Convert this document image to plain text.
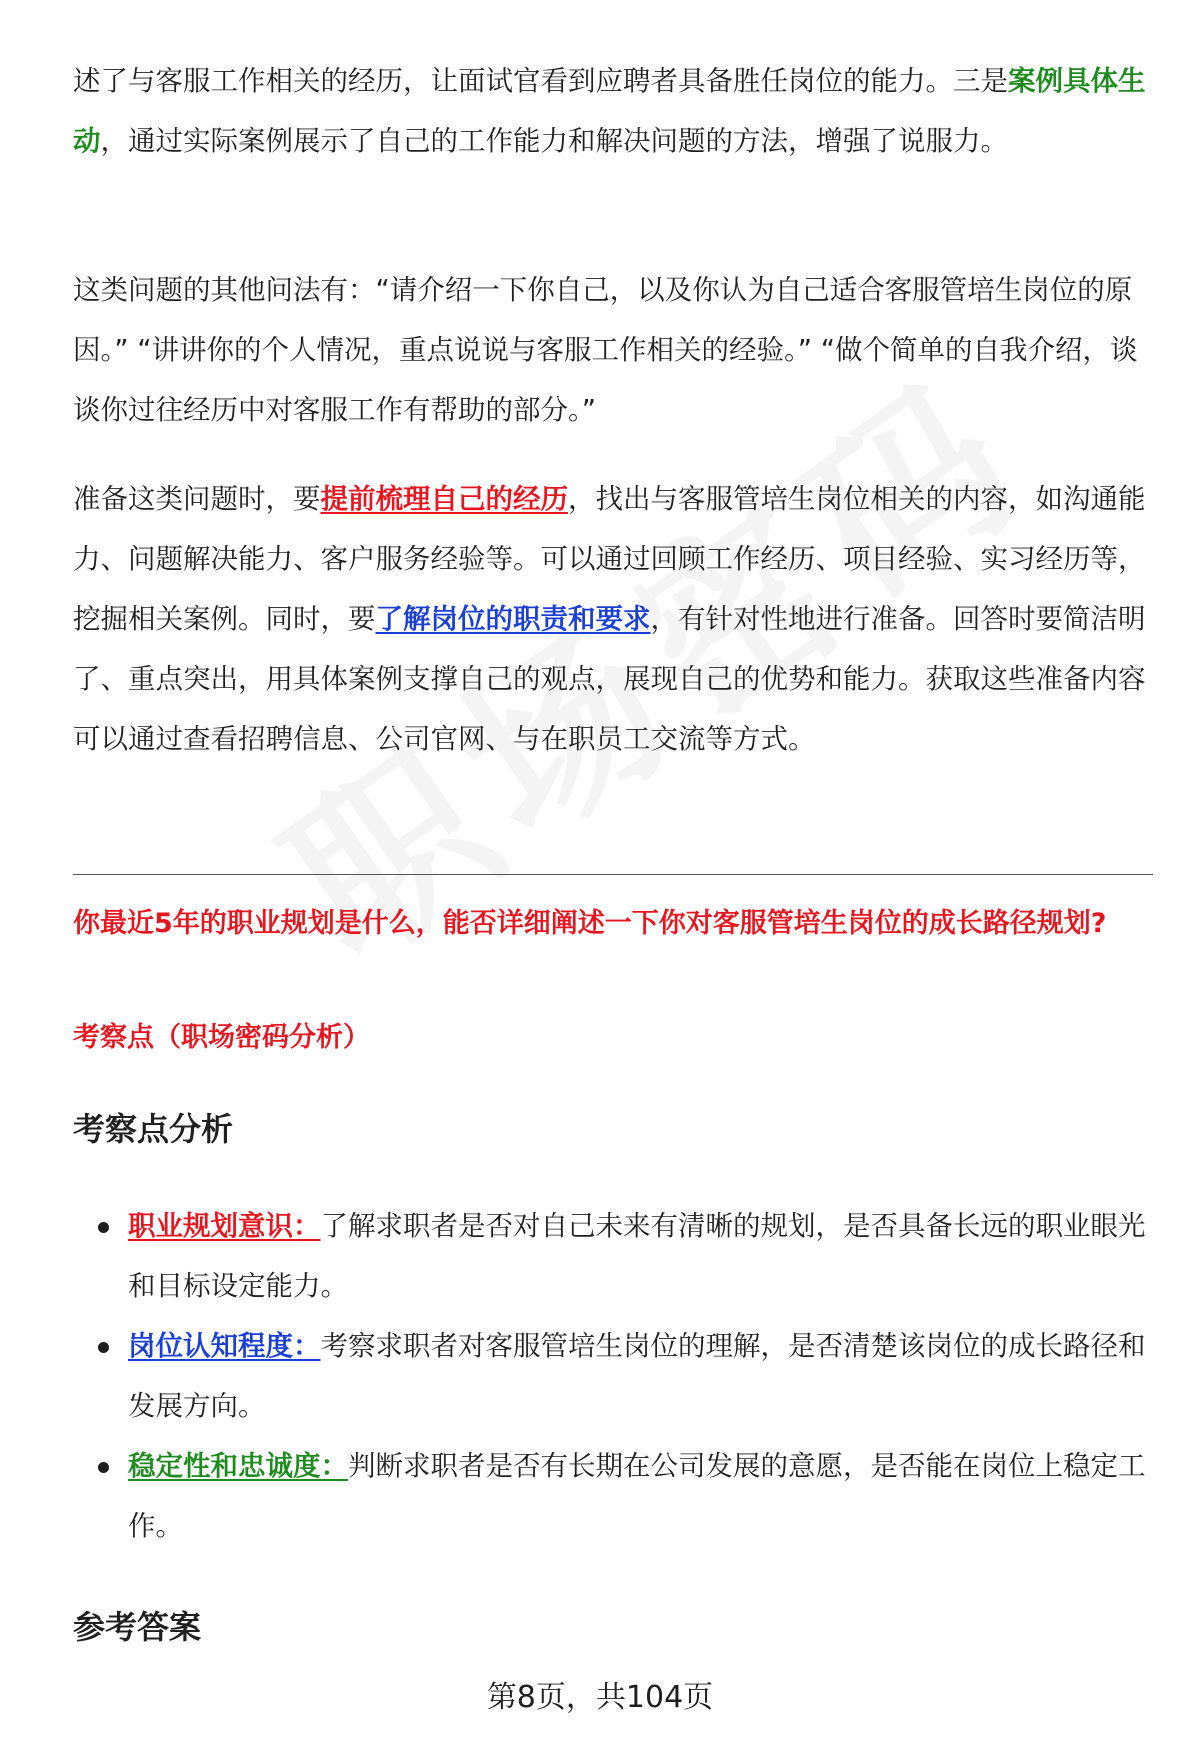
述了与客服工作相关的经历，让面试官看到应聘者具备胜任岗位的能力。三是案例具体生动，通过实际案例展示了自己的工作能力和解决问题的方法，增强了说服力。

这类问题的其他问法有：“请介绍一下你自己，以及你认为自己适合客服管培生岗位的原因。” “讲讲你的个人情况，重点说说与客服工作相关的经验。” “做个简单的自我介绍，谈谈你过往经历中对客服工作有帮助的部分。”

准备这类问题时，要提前梳理自己的经历，找出与客服管培生岗位相关的内容，如沟通能力、问题解决能力、客户服务经验等。可以通过回顾工作经历、项目经验、实习经历等，挖掘相关案例。同时，要了解岗位的职责和要求，有针对性地进行准备。回答时要简洁明了、重点突出，用具体案例支撑自己的观点，展现自己的优势和能力。获取这些准备内容可以通过查看招聘信息、公司官网、与在职员工交流等方式。

你最近5年的职业规划是什么，能否详细阐述一下你对客服管培生岗位的成长路径规划?

考察点（职场密码分析）

考察点分析
职业规划意识：了解求职者是否对自己未来有清晰的规划，是否具备长远的职业眼光和目标设定能力。
岗位认知程度：考察求职者对客服管培生岗位的理解，是否清楚该岗位的成长路径和发展方向。
稳定性和忠诚度：判断求职者是否有长期在公司发展的意愿，是否能在岗位上稳定工作。
参考答案
第8页，共104页
